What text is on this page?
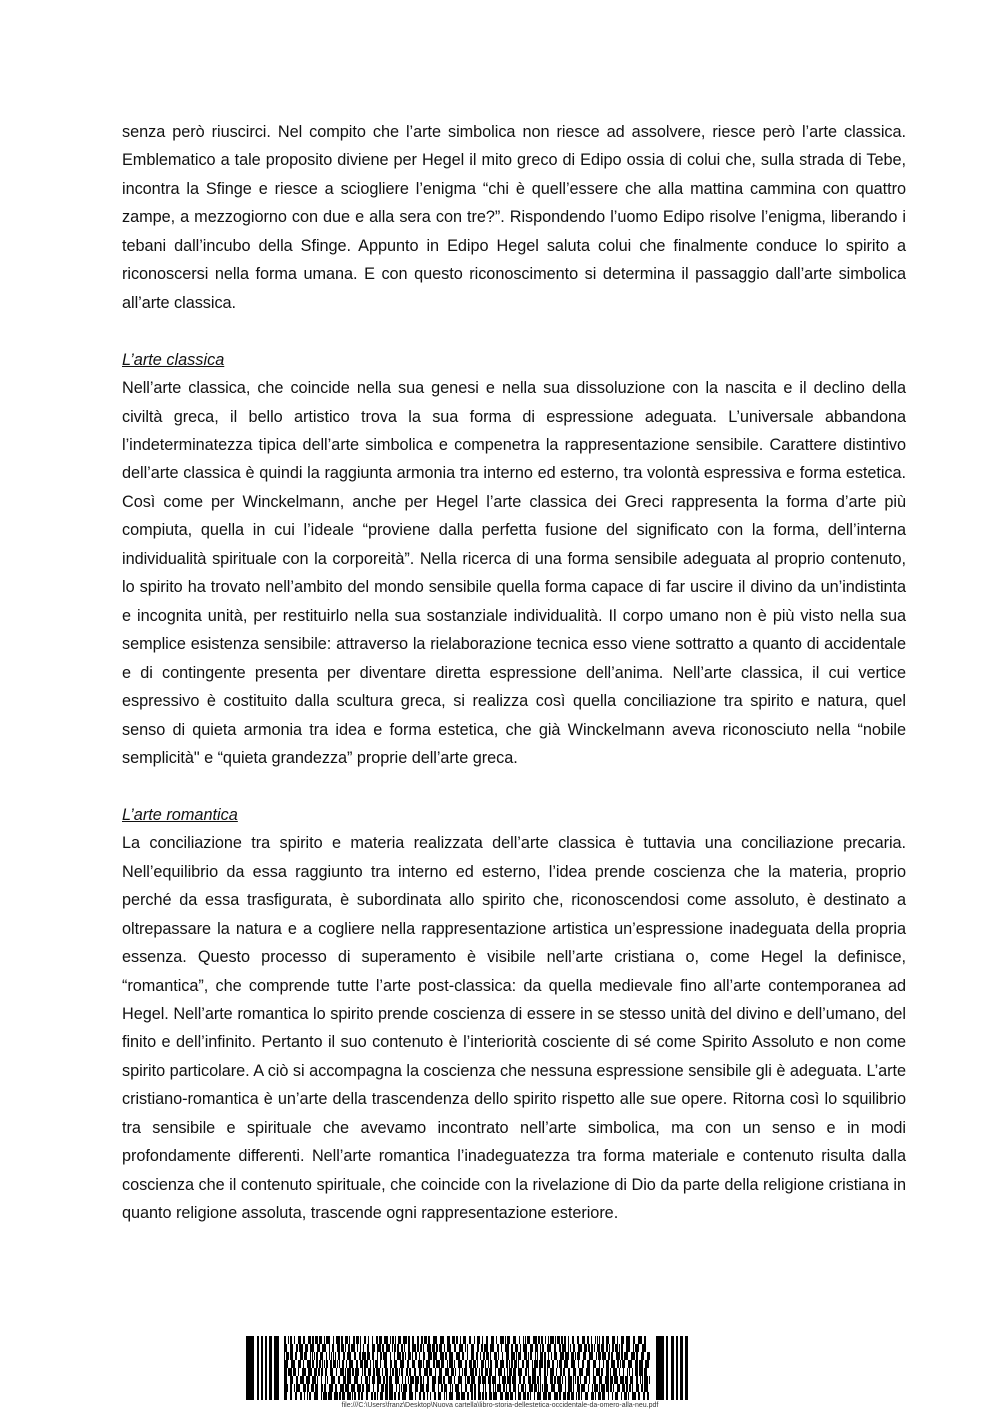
senza però riuscirci. Nel compito che l’arte simbolica non riesce ad assolvere, riesce però l’arte classica. Emblematico a tale proposito diviene per Hegel il mito greco di Edipo ossia di colui che, sulla strada di Tebe, incontra la Sfinge e riesce a sciogliere l’enigma “chi è quell’essere che alla mattina cammina con quattro zampe, a mezzogiorno con due e alla sera con tre?”. Rispondendo l’uomo Edipo risolve l’enigma, liberando i tebani dall’incubo della Sfinge. Appunto in Edipo Hegel saluta colui che finalmente conduce lo spirito a riconoscersi nella forma umana. E con questo riconoscimento si determina il passaggio dall’arte simbolica all’arte classica.

L’arte classica

Nell’arte classica, che coincide nella sua genesi e nella sua dissoluzione con la nascita e il declino della civiltà greca, il bello artistico trova la sua forma di espressione adeguata. L’universale abbandona l’indeterminatezza tipica dell’arte simbolica e compenetra la rappresentazione sensibile. Carattere distintivo dell’arte classica è quindi la raggiunta armonia tra interno ed esterno, tra volontà espressiva e forma estetica. Così come per Winckelmann, anche per Hegel l’arte classica dei Greci rappresenta la forma d’arte più compiuta, quella in cui l’ideale “proviene dalla perfetta fusione del significato con la forma, dell’interna individualità spirituale con la corporeità”. Nella ricerca di una forma sensibile adeguata al proprio contenuto, lo spirito ha trovato nell’ambito del mondo sensibile quella forma capace di far uscire il divino da un’indistinta e incognita unità, per restituirlo nella sua sostanziale individualità. Il corpo umano non è più visto nella sua semplice esistenza sensibile: attraverso la rielaborazione tecnica esso viene sottratto a quanto di accidentale e di contingente presenta per diventare diretta espressione dell’anima. Nell’arte classica, il cui vertice espressivo è costituito dalla scultura greca, si realizza così quella conciliazione tra spirito e natura, quel senso di quieta armonia tra idea e forma estetica, che già Winckelmann aveva riconosciuto nella “nobile semplicità" e “quieta grandezza” proprie dell’arte greca.

L’arte romantica

La conciliazione tra spirito e materia realizzata dell’arte classica è tuttavia una conciliazione precaria. Nell’equilibrio da essa raggiunto tra interno ed esterno, l’idea prende coscienza che la materia, proprio perché da essa trasfigurata, è subordinata allo spirito che, riconoscendosi come assoluto, è destinato a oltrepassare la natura e a cogliere nella rappresentazione artistica un’espressione inadeguata della propria essenza. Questo processo di superamento è visibile nell’arte cristiana o, come Hegel la definisce, “romantica”, che comprende tutte l’arte post-classica: da quella medievale fino all’arte contemporanea ad Hegel. Nell’arte romantica lo spirito prende coscienza di essere in se stesso unità del divino e dell’umano, del finito e dell’infinito. Pertanto il suo contenuto è l’interiorità cosciente di sé come Spirito Assoluto e non come spirito particolare. A ciò si accompagna la coscienza che nessuna espressione sensibile gli è adeguata. L’arte cristiano-romantica è un’arte della trascendenza dello spirito rispetto alle sue opere. Ritorna così lo squilibrio tra sensibile e spirituale che avevamo incontrato nell’arte simbolica, ma con un senso e in modi profondamente differenti. Nell’arte romantica l’inadeguatezza tra forma materiale e contenuto risulta dalla coscienza che il contenuto spirituale, che coincide con la rivelazione di Dio da parte della religione cristiana in quanto religione assoluta, trascende ogni rappresentazione esteriore.

file:///C:\Users\franz\Desktop\Nuova cartella\libro-storia-dellestetica-occidentale-da-omero-alla-neu.pdf
